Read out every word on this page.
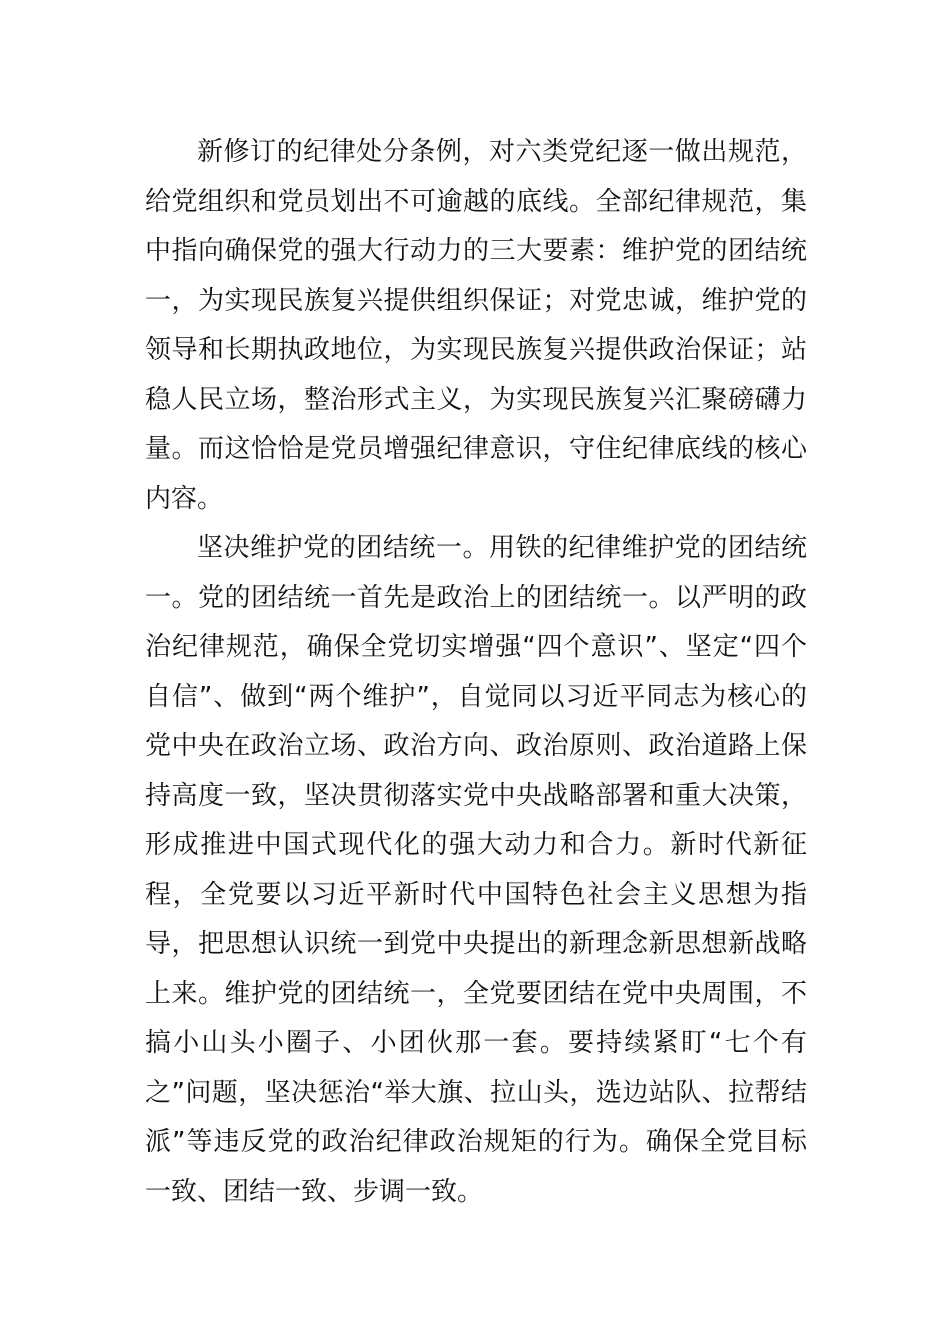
新修订的纪律处分条例，对六类党纪逐一做出规范，给党组织和党员划出不可逾越的底线。全部纪律规范，集中指向确保党的强大行动力的三大要素：维护党的团结统一，为实现民族复兴提供组织保证；对党忠诚，维护党的领导和长期执政地位，为实现民族复兴提供政治保证；站稳人民立场，整治形式主义，为实现民族复兴汇聚磅礴力量。而这恰恰是党员增强纪律意识，守住纪律底线的核心内容。

坚决维护党的团结统一。用铁的纪律维护党的团结统一。党的团结统一首先是政治上的团结统一。以严明的政治纪律规范，确保全党切实增强“四个意识”、坚定“四个自信”、做到“两个维护”，自觉同以习近平同志为核心的党中央在政治立场、政治方向、政治原则、政治道路上保持高度一致，坚决贯彻落实党中央战略部署和重大决策，形成推进中国式现代化的强大动力和合力。新时代新征程，全党要以习近平新时代中国特色社会主义思想为指导，把思想认识统一到党中央提出的新理念新思想新战略上来。维护党的团结统一，全党要团结在党中央周围，不搞小山头小圈子、小团伙那一套。要持续紧盯“七个有之”问题，坚决惩治“举大旗、拉山头，选边站队、拉帮结派”等违反党的政治纪律政治规矩的行为。确保全党目标一致、团结一致、步调一致。
